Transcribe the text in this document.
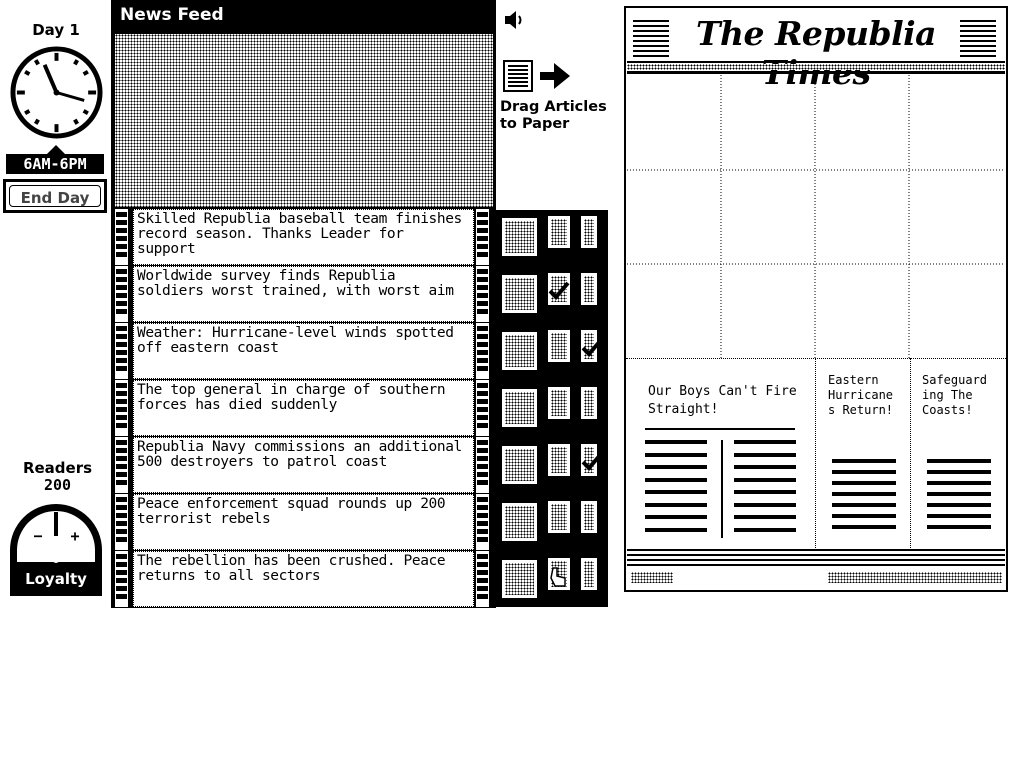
Day 1
6AM-6PM
End Day
Readers
200
− +
0
Loyalty
News Feed
Skilled Republia baseball team finishes record season. Thanks Leader for support
Worldwide survey finds Republia soldiers worst trained, with worst aim
Weather: Hurricane-level winds spotted off eastern coast
The top general in charge of southern forces has died suddenly
Republia Navy commissions an additional 500 destroyers to patrol coast
Peace enforcement squad rounds up 200 terrorist rebels
The rebellion has been crushed. Peace returns to all sectors
Drag Articles
to Paper
The Republia
Our Boys Can't Fire Straight!
Eastern
Hurricane
s Return!
Safeguard
ing The
Coasts!
